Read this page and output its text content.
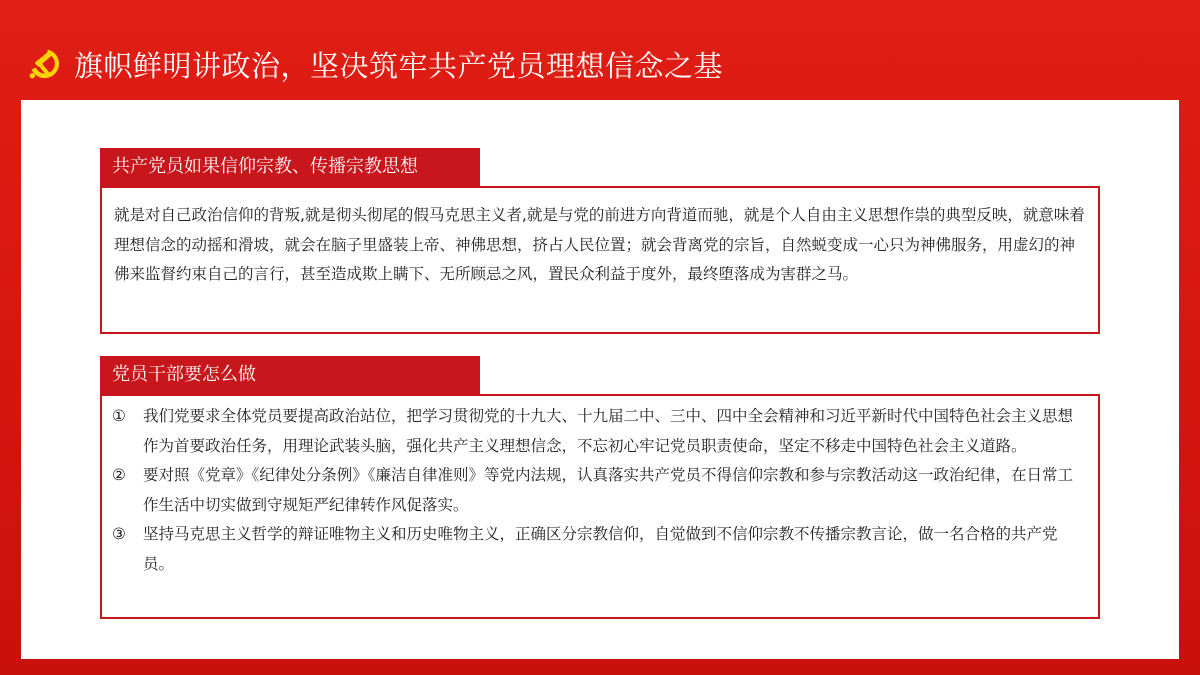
旗帜鲜明讲政治，坚决筑牢共产党员理想信念之基
共产党员如果信仰宗教、传播宗教思想

就是对自己政治信仰的背叛,就是彻头彻尾的假马克思主义者,就是与党的前进方向背道而驰，就是个人自由主义思想作祟的典型反映，就意味着理想信念的动摇和滑坡，就会在脑子里盛装上帝、神佛思想，挤占人民位置；就会背离党的宗旨，自然蜕变成一心只为神佛服务，用虚幻的神佛来监督约束自己的言行，甚至造成欺上瞒下、无所顾忌之风，置民众利益于度外，最终堕落成为害群之马。

党员干部要怎么做
①	我们党要求全体党员要提高政治站位，把学习贯彻党的十九大、十九届二中、三中、四中全会精神和习近平新时代中国特色社会主义思想作为首要政治任务，用理论武装头脑，强化共产主义理想信念，不忘初心牢记党员职责使命，坚定不移走中国特色社会主义道路。
②	要对照《党章》《纪律处分条例》《廉洁自律准则》等党内法规，认真落实共产党员不得信仰宗教和参与宗教活动这一政治纪律，在日常工作生活中切实做到守规矩严纪律转作风促落实。
③	坚持马克思主义哲学的辩证唯物主义和历史唯物主义，正确区分宗教信仰，自觉做到不信仰宗教不传播宗教言论，做一名合格的共产党员。
